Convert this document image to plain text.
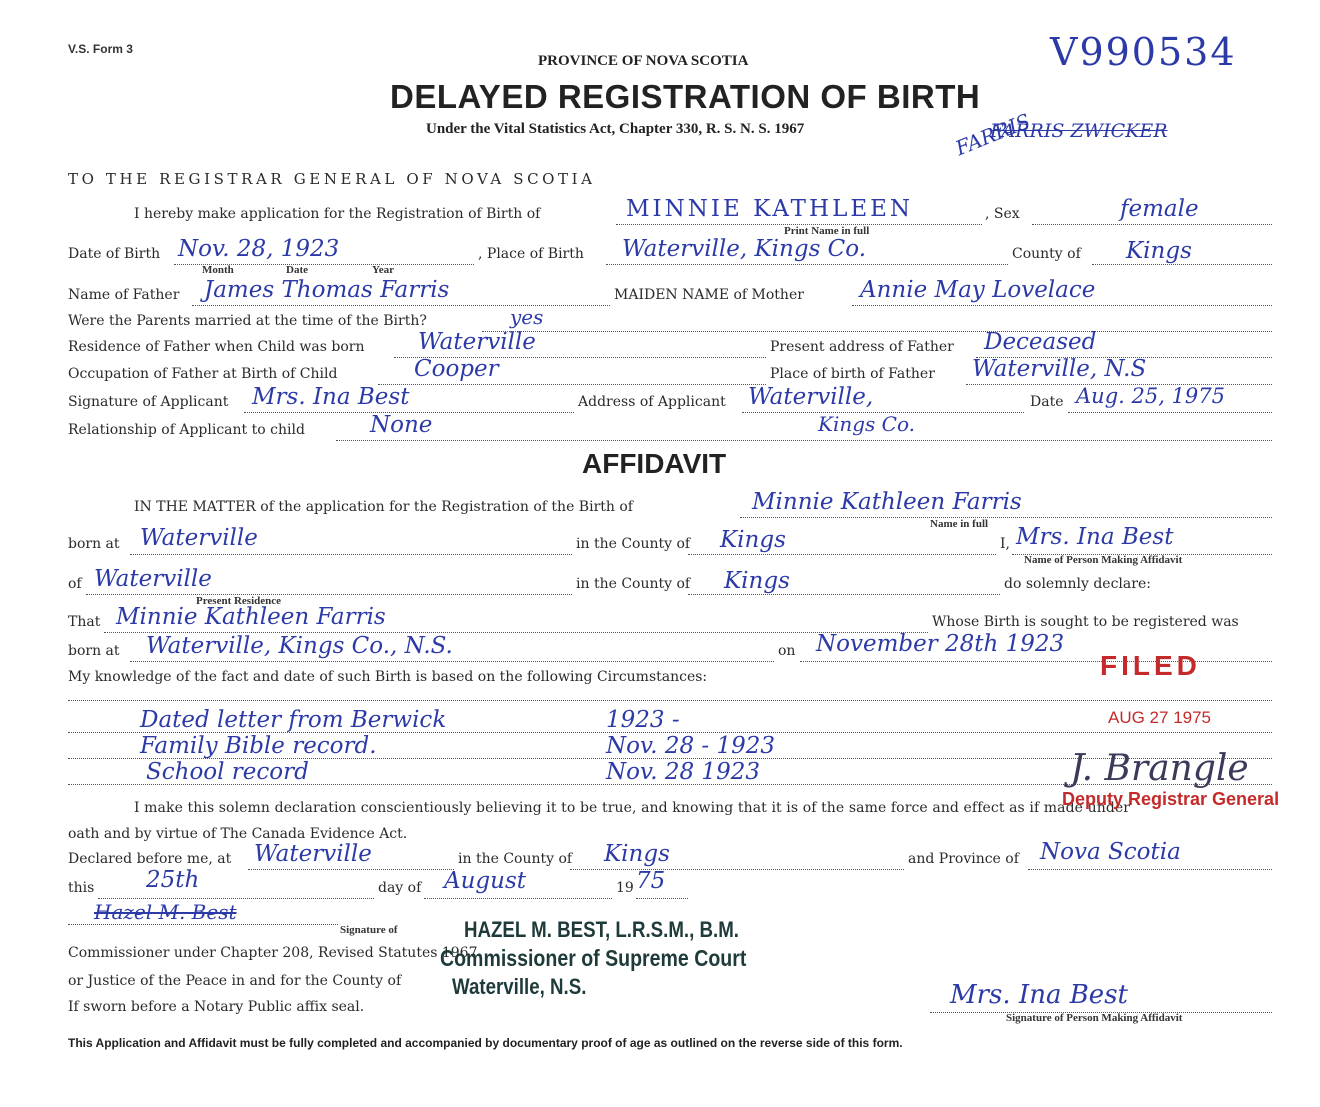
V.S. Form 3
PROVINCE OF NOVA SCOTIA
DELAYED REGISTRATION OF BIRTH
Under the Vital Statistics Act, Chapter 330, R. S. N. S. 1967
V990534
FARRIS
FARRIS ZWICKER
TO THE REGISTRAR GENERAL OF NOVA SCOTIA
I hereby make application for the Registration of Birth of	MINNIE KATHLEEN
Print Name in full
, Sex	female
Date of Birth Nov. 28, 1923
Month	Date	Year
, Place of Birth Waterville, Kings Co.	County of Kings
Name of Father James Thomas Farris	MAIDEN NAME of Mother Annie May Lovelace
Were the Parents married at the time of the Birth?	yes
Residence of Father when Child was born Waterville	Present address of Father Deceased
Occupation of Father at Birth of Child	Cooper	Place of birth of Father Waterville, N.S
Signature of Applicant Mrs. Ina Best	Address of Applicant Waterville,	Date Aug. 25, 1975
Relationship of Applicant to child	None	Kings Co.
AFFIDAVIT
IN THE MATTER of the application for the Registration of the Birth of	Minnie Kathleen Farris
Name in full
born at Waterville	in the County of Kings	I, Mrs. Ina Best
Name of Person Making Affidavit
of Waterville
Present Residence
in the County of Kings	do solemnly declare:
That Minnie Kathleen Farris	Whose Birth is sought to be registered was
born at Waterville, Kings Co., N.S.	on November 28th 1923
My knowledge of the fact and date of such Birth is based on the following Circumstances:
Dated letter from Berwick	1923 -
Family Bible record.	Nov. 28 - 1923
School record	Nov. 28 1923
I make this solemn declaration conscientiously believing it to be true, and knowing that it is of the same force and effect as if made under
oath and by virtue of The Canada Evidence Act.
Declared before me, at Waterville	in the County of Kings	and Province of Nova Scotia
this 25th	day of August	19 75
Hazel M. Best
Signature of
Commissioner under Chapter 208, Revised Statutes 1967
or Justice of the Peace in and for the County of
If sworn before a Notary Public affix seal.	Mrs. Ina Best
Signature of Person Making Affidavit
FILED
AUG 27 1975
J. Brangle
Deputy Registrar General
HAZEL M. BEST, L.R.S.M., B.M.
Commissioner of Supreme Court
Waterville, N.S.
This Application and Affidavit must be fully completed and accompanied by documentary proof of age as outlined on the reverse side of this form.
